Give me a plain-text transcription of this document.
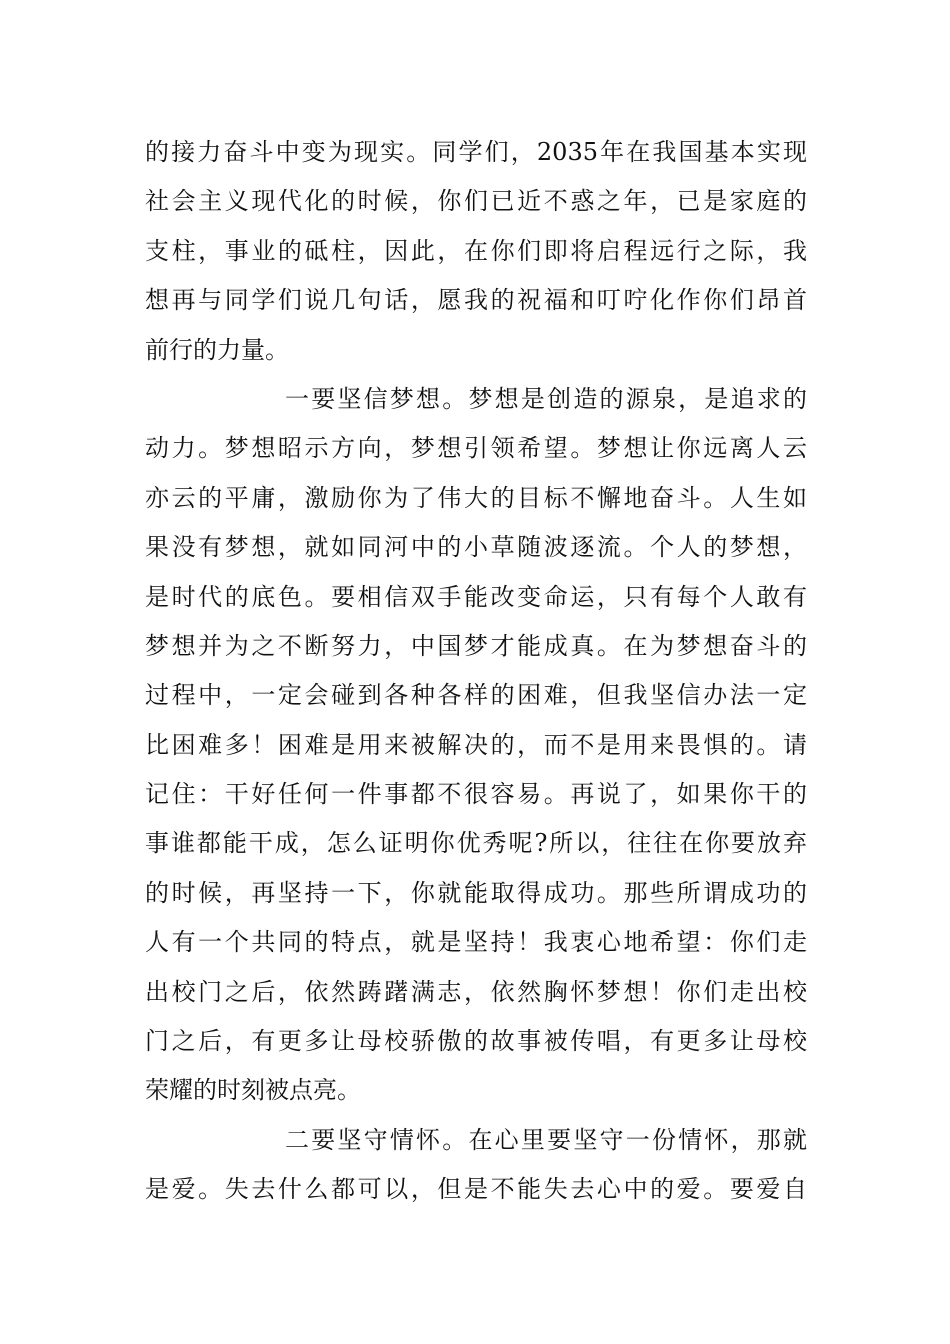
的接力奋斗中变为现实。同学们，2035年在我国基本实现
社会主义现代化的时候，你们已近不惑之年，已是家庭的
支柱，事业的砥柱，因此，在你们即将启程远行之际，我
想再与同学们说几句话，愿我的祝福和叮咛化作你们昂首
前行的力量。
一要坚信梦想。梦想是创造的源泉，是追求的
动力。梦想昭示方向，梦想引领希望。梦想让你远离人云
亦云的平庸，激励你为了伟大的目标不懈地奋斗。人生如
果没有梦想，就如同河中的小草随波逐流。个人的梦想，
是时代的底色。要相信双手能改变命运，只有每个人敢有
梦想并为之不断努力，中国梦才能成真。在为梦想奋斗的
过程中，一定会碰到各种各样的困难，但我坚信办法一定
比困难多！困难是用来被解决的，而不是用来畏惧的。请
记住：干好任何一件事都不很容易。再说了，如果你干的
事谁都能干成，怎么证明你优秀呢?所以，往往在你要放弃
的时候，再坚持一下，你就能取得成功。那些所谓成功的
人有一个共同的特点，就是坚持！我衷心地希望：你们走
出校门之后，依然踌躇满志，依然胸怀梦想！你们走出校
门之后，有更多让母校骄傲的故事被传唱，有更多让母校
荣耀的时刻被点亮。
二要坚守情怀。在心里要坚守一份情怀，那就
是爱。失去什么都可以，但是不能失去心中的爱。要爱自
